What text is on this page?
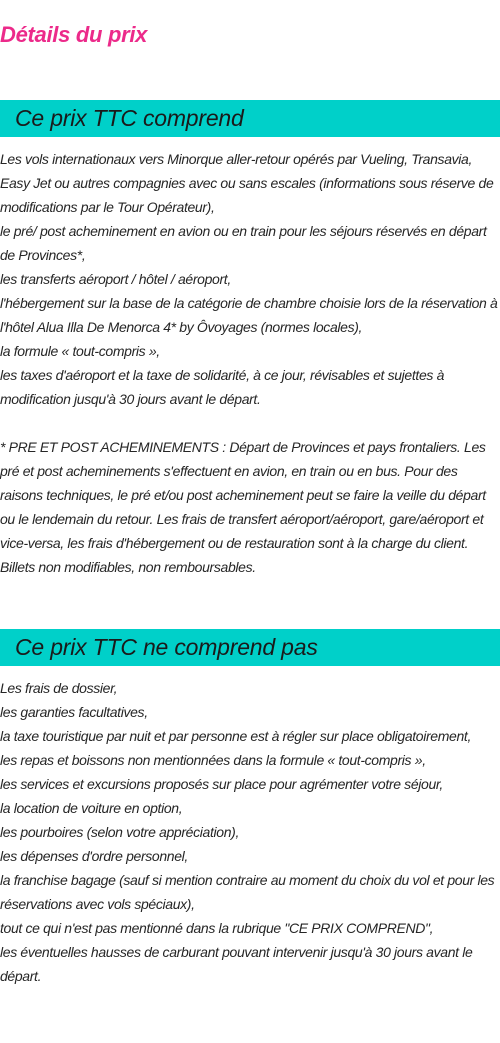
Détails du prix
Ce prix TTC comprend

Les vols internationaux vers Minorque aller-retour opérés par Vueling, Transavia, Easy Jet ou autres compagnies avec ou sans escales (informations sous réserve de modifications par le Tour Opérateur),

le pré/ post acheminement en avion ou en train pour les séjours réservés en départ de Provinces*,

les transferts aéroport / hôtel / aéroport,

l'hébergement sur la base de la catégorie de chambre choisie lors de la réservation à l'hôtel Alua Illa De Menorca 4* by Ôvoyages (normes locales),

la formule « tout-compris »,

les taxes d'aéroport et la taxe de solidarité, à ce jour, révisables et sujettes à modification jusqu'à 30 jours avant le départ.

* PRE ET POST ACHEMINEMENTS : Départ de Provinces et pays frontaliers. Les pré et post acheminements s'effectuent en avion, en train ou en bus. Pour des raisons techniques, le pré et/ou post acheminement peut se faire la veille du départ ou le lendemain du retour. Les frais de transfert aéroport/aéroport, gare/aéroport et vice-versa, les frais d'hébergement ou de restauration sont à la charge du client. Billets non modifiables, non remboursables.

Ce prix TTC ne comprend pas

Les frais de dossier,

les garanties facultatives,

la taxe touristique par nuit et par personne est à régler sur place obligatoirement,

les repas et boissons non mentionnées dans la formule « tout-compris »,

les services et excursions proposés sur place pour agrémenter votre séjour,

la location de voiture en option,

les pourboires (selon votre appréciation),

les dépenses d'ordre personnel,

la franchise bagage (sauf si mention contraire au moment du choix du vol et pour les réservations avec vols spéciaux),

tout ce qui n'est pas mentionné dans la rubrique "CE PRIX COMPREND",

les éventuelles hausses de carburant pouvant intervenir jusqu'à 30 jours avant le départ.
